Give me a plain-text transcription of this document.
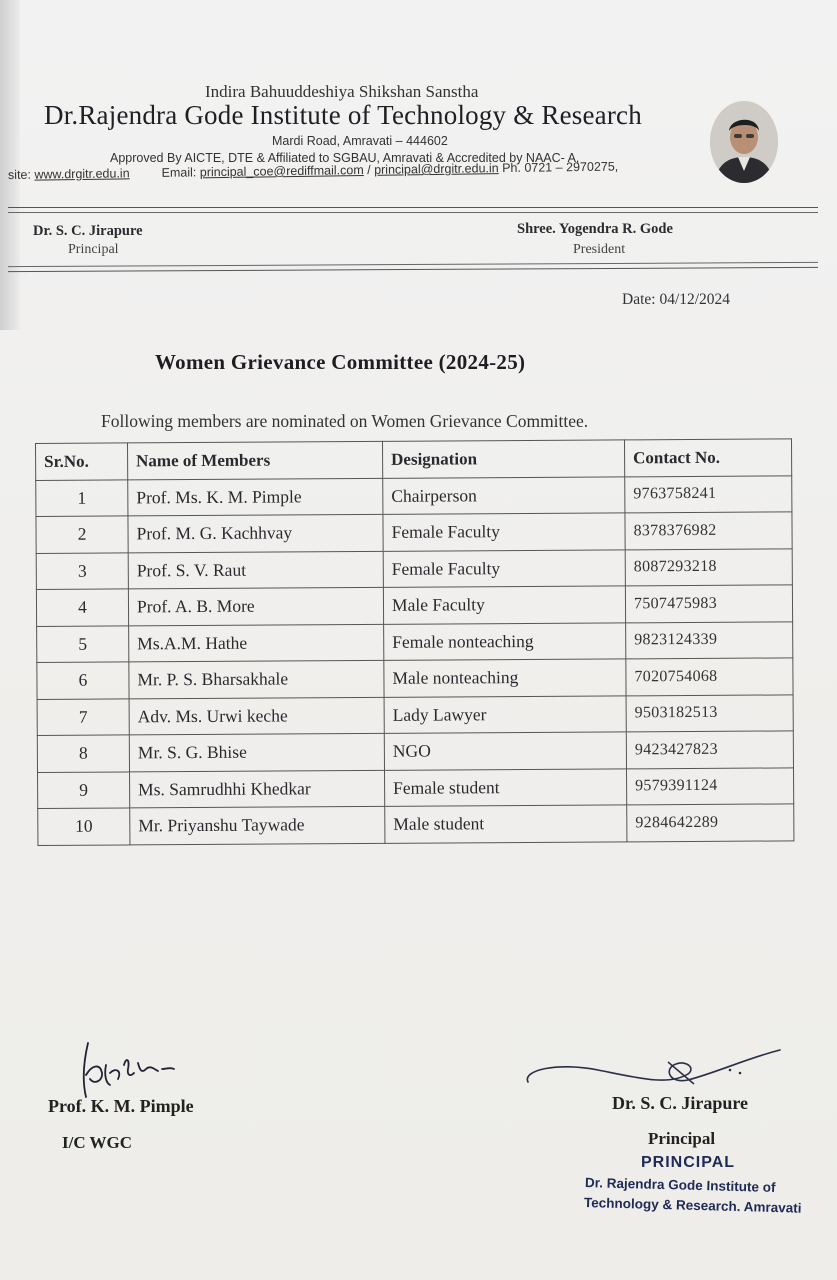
Indira Bahuuddeshiya Shikshan Sanstha
Dr.Rajendra Gode Institute of Technology & Research
Mardi Road, Amravati – 444602
Approved By AICTE, DTE & Affiliated to SGBAU, Amravati & Accredited by NAAC- A,
site: www.drgitr.edu.in	Email: principal_coe@rediffmail.com / principal@drgitr.edu.in Ph. 0721 – 2970275,
Dr. S. C. Jirapure
Principal
Shree. Yogendra R. Gode
President
Date: 04/12/2024
Women Grievance Committee (2024-25)
Following members are nominated on Women Grievance Committee.
Sr.No.	Name of Members	Designation	Contact No.
1	Prof. Ms. K. M. Pimple	Chairperson	9763758241
2	Prof. M. G. Kachhvay	Female Faculty	8378376982
3	Prof. S. V. Raut	Female Faculty	8087293218
4	Prof. A. B. More	Male Faculty	7507475983
5	Ms.A.M. Hathe	Female nonteaching	9823124339
6	Mr. P. S. Bharsakhale	Male nonteaching	7020754068
7	Adv. Ms. Urwi keche	Lady Lawyer	9503182513
8	Mr. S. G. Bhise	NGO	9423427823
9	Ms. Samrudhhi Khedkar	Female student	9579391124
10	Mr. Priyanshu Taywade	Male student	9284642289
Prof. K. M. Pimple
I/C WGC
Dr. S. C. Jirapure
Principal
PRINCIPAL
Dr. Rajendra Gode Institute of
Technology & Research. Amravati
